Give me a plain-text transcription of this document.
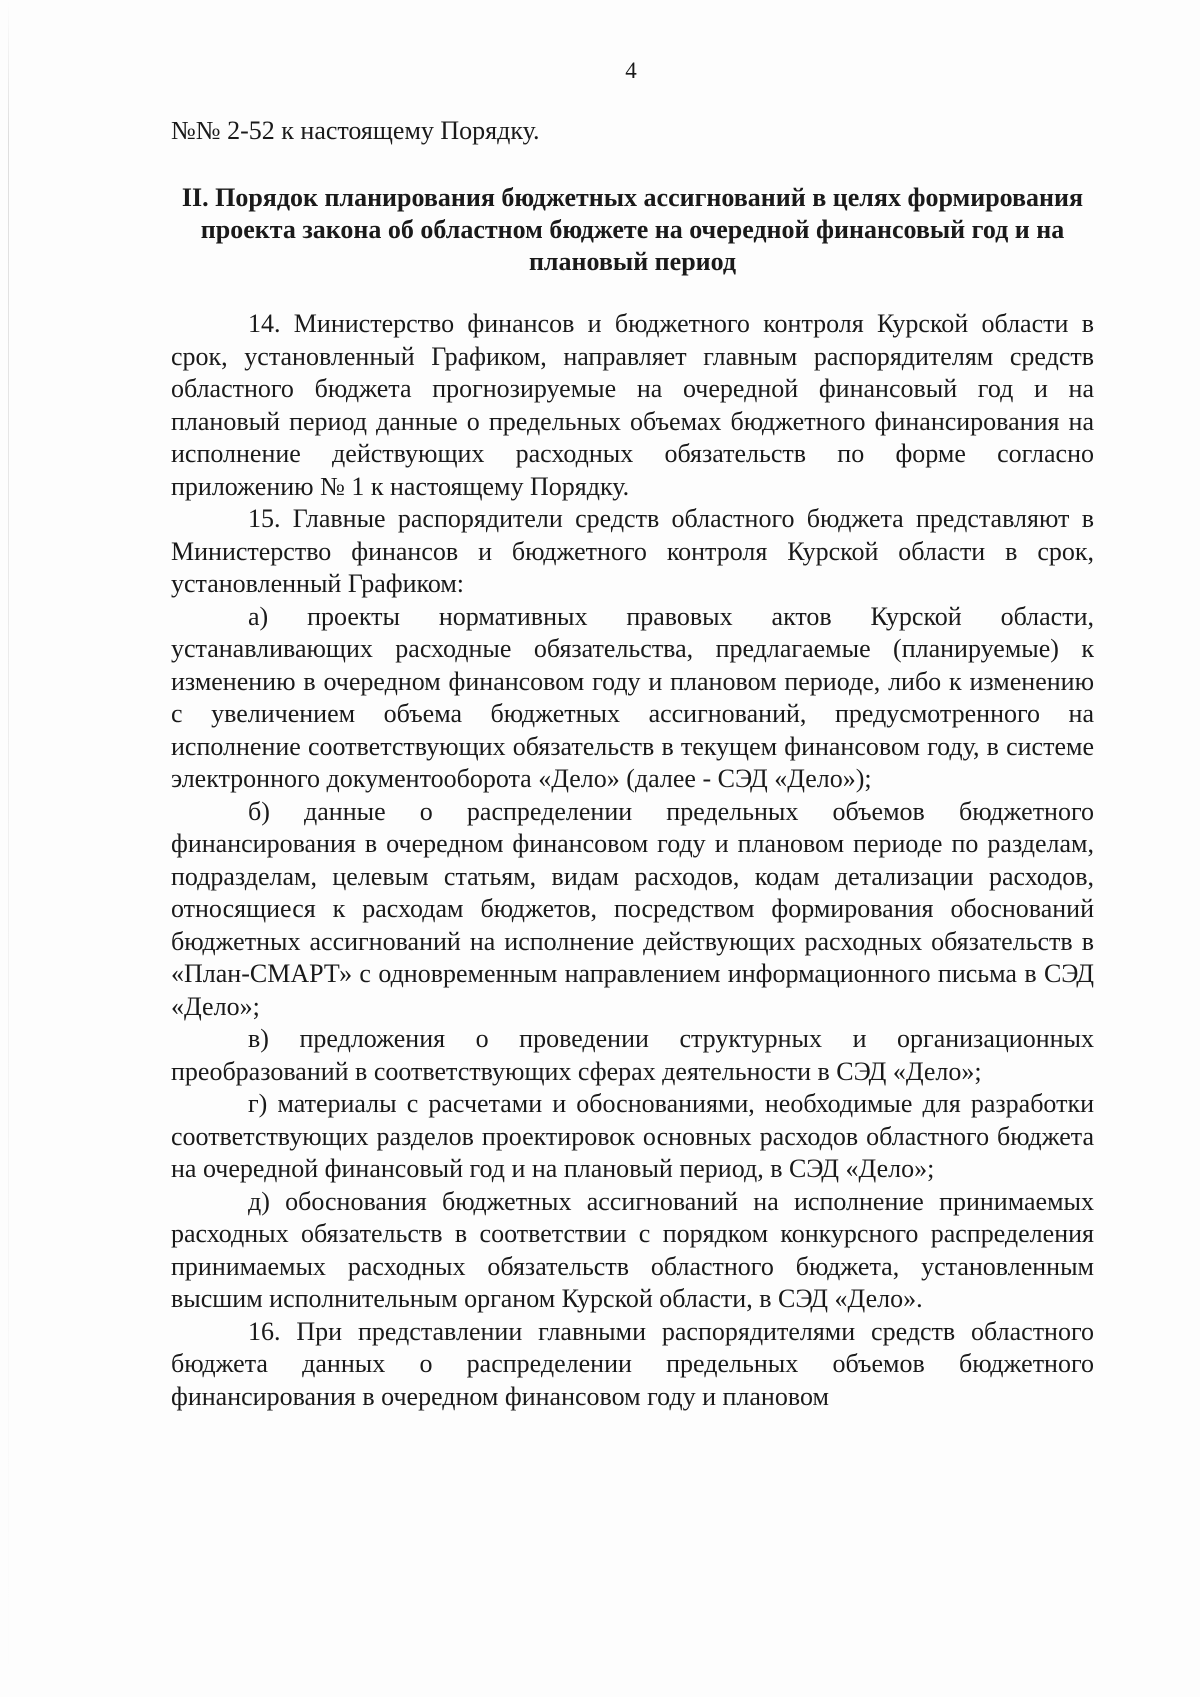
4
№№ 2-52 к настоящему Порядку.
II. Порядок планирования бюджетных ассигнований в целях формирования проекта закона об областном бюджете на очередной финансовый год и на плановый период

14. Министерство финансов и бюджетного контроля Курской области в срок, установленный Графиком, направляет главным распорядителям средств областного бюджета прогнозируемые на очередной финансовый год и на плановый период данные о предельных объемах бюджетного финансирования на исполнение действующих расходных обязательств по форме согласно приложению № 1 к настоящему Порядку.

15. Главные распорядители средств областного бюджета представляют в Министерство финансов и бюджетного контроля Курской области в срок, установленный Графиком:

а) проекты нормативных правовых актов Курской области, устанавливающих расходные обязательства, предлагаемые (планируемые) к изменению в очередном финансовом году и плановом периоде, либо к изменению с увеличением объема бюджетных ассигнований, предусмотренного на исполнение соответствующих обязательств в текущем финансовом году, в системе электронного документооборота «Дело» (далее - СЭД «Дело»);

б) данные о распределении предельных объемов бюджетного финансирования в очередном финансовом году и плановом периоде по разделам, подразделам, целевым статьям, видам расходов, кодам детализации расходов, относящиеся к расходам бюджетов, посредством формирования обоснований бюджетных ассигнований на исполнение действующих расходных обязательств в «План-СМАРТ» с одновременным направлением информационного письма в СЭД «Дело»;

в) предложения о проведении структурных и организационных преобразований в соответствующих сферах деятельности в СЭД «Дело»;

г) материалы с расчетами и обоснованиями, необходимые для разработки соответствующих разделов проектировок основных расходов областного бюджета на очередной финансовый год и на плановый период, в СЭД «Дело»;

д) обоснования бюджетных ассигнований на исполнение принимаемых расходных обязательств в соответствии с порядком конкурсного распределения принимаемых расходных обязательств областного бюджета, установленным высшим исполнительным органом Курской области, в СЭД «Дело».

16. При представлении главными распорядителями средств областного бюджета данных о распределении предельных объемов бюджетного финансирования в очередном финансовом году и плановом
